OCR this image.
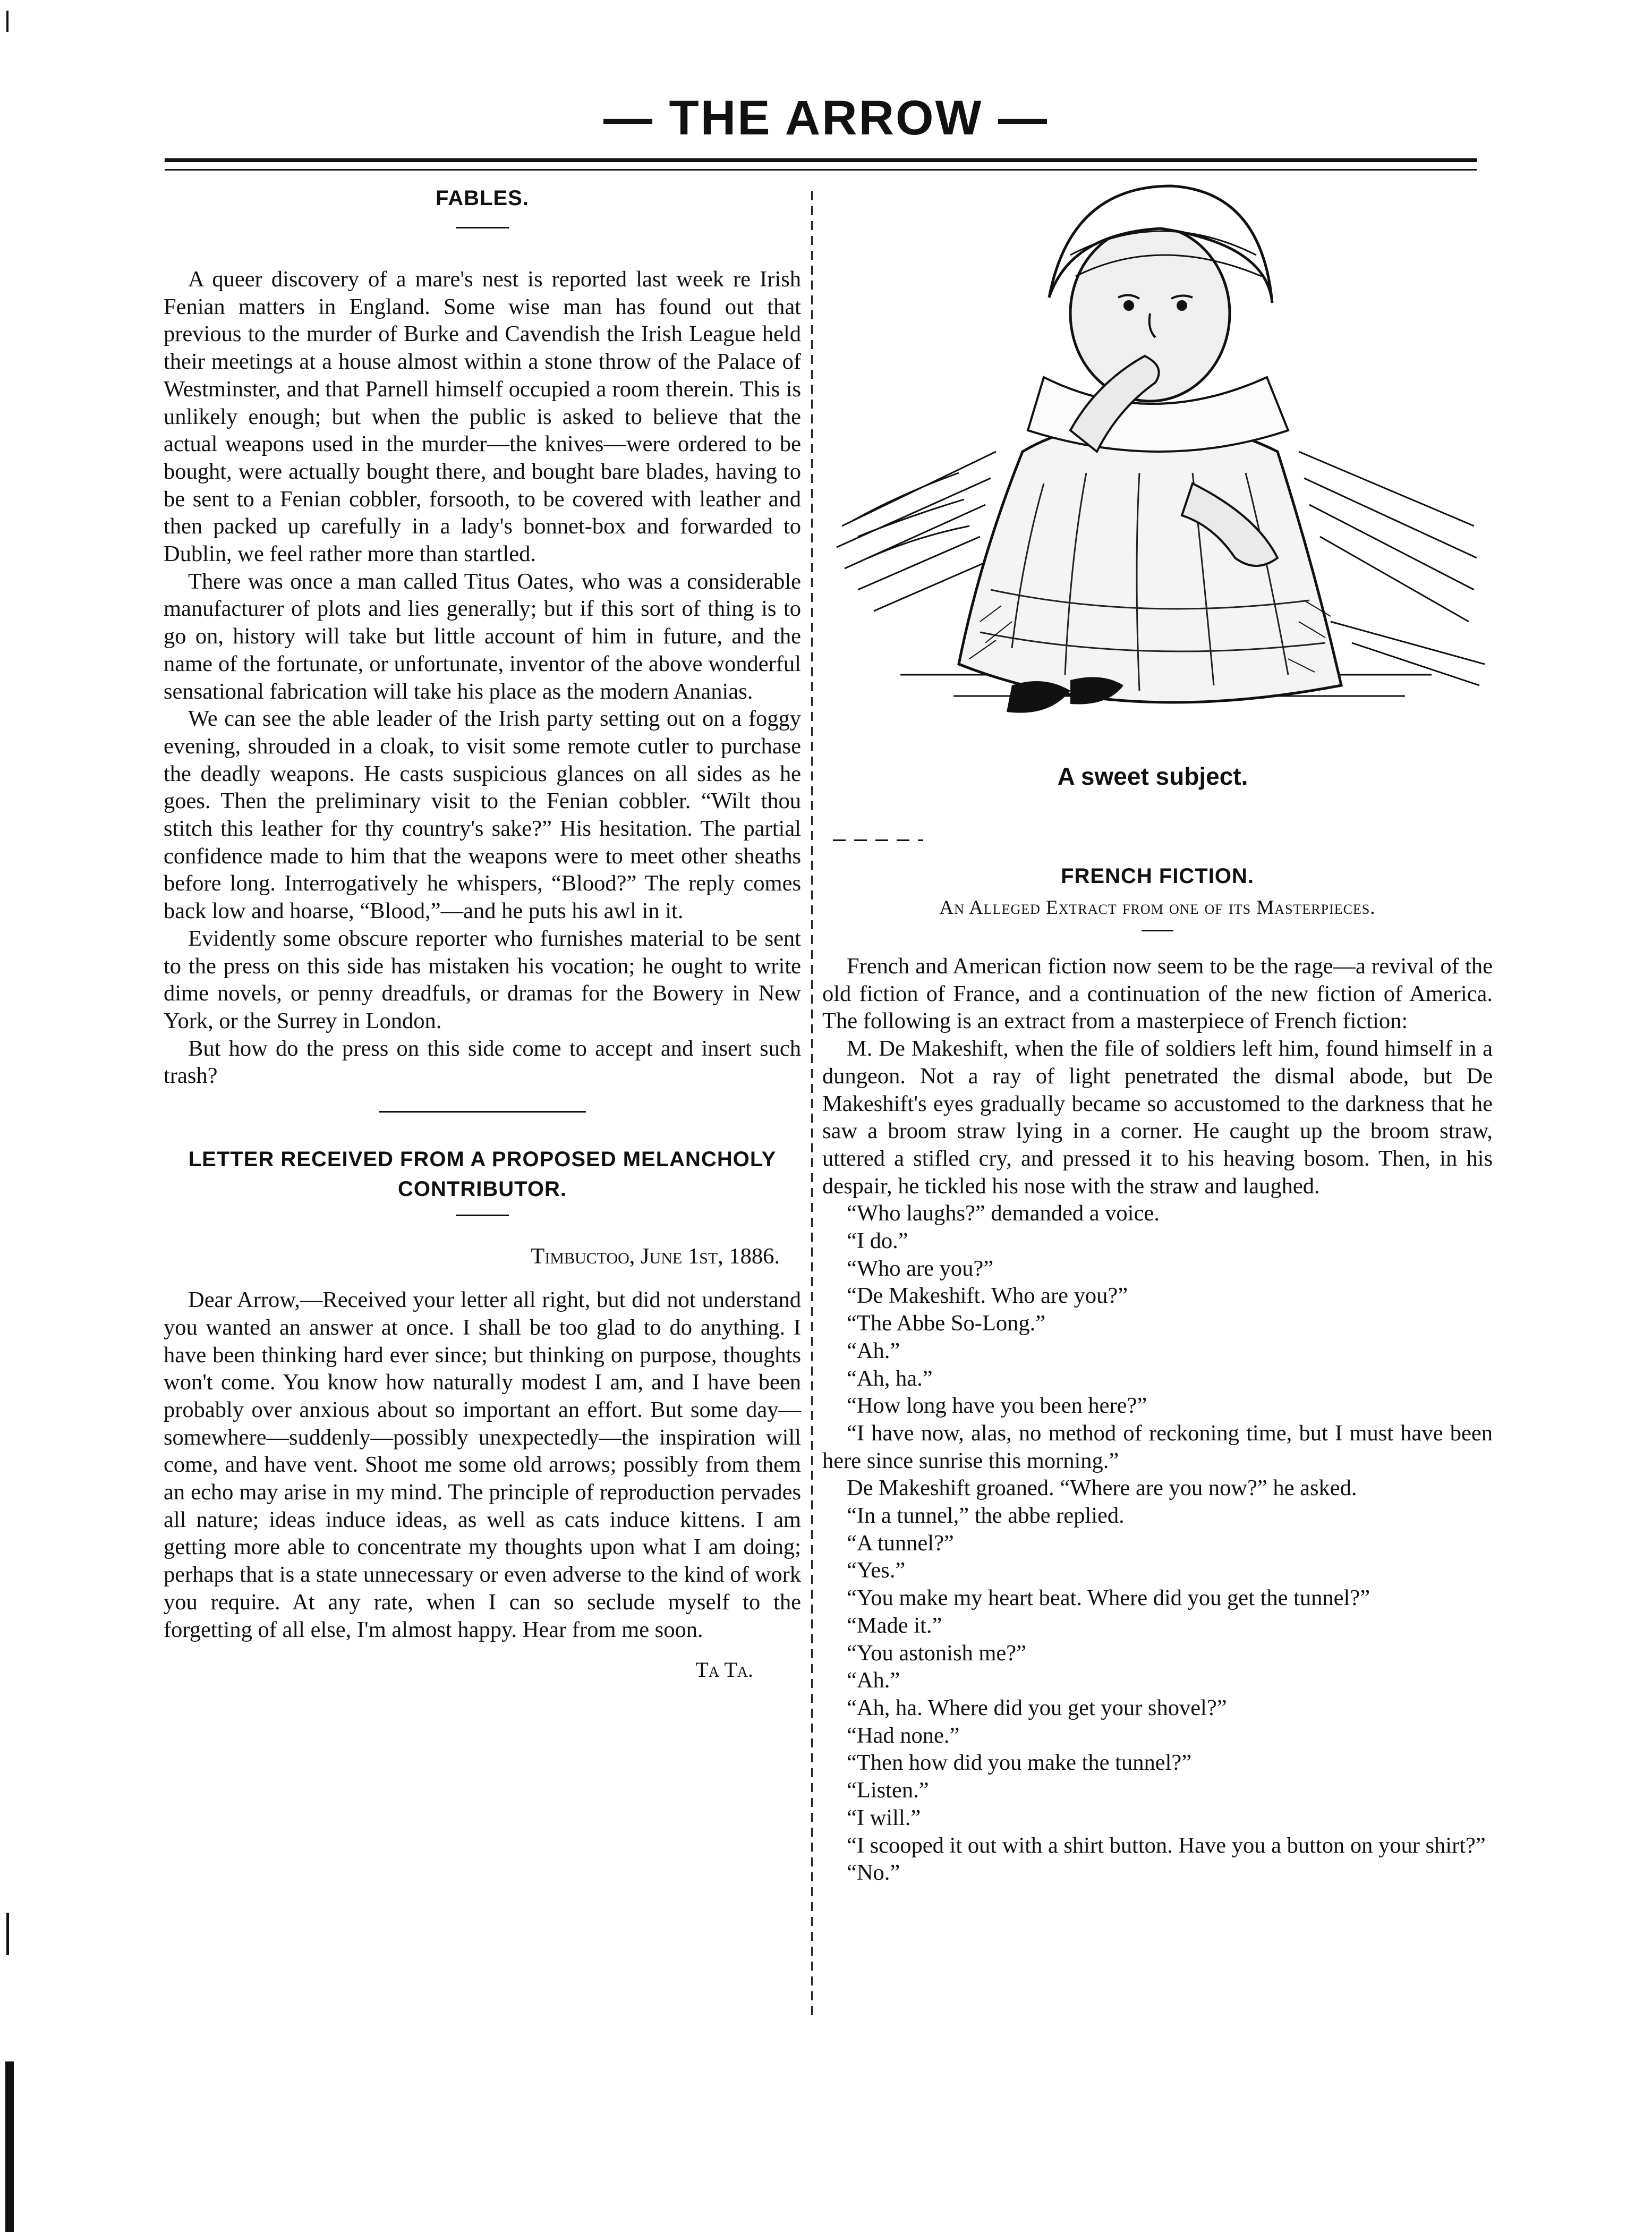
— THE ARROW —
FABLES.

A queer discovery of a mare's nest is reported last week re Irish Fenian matters in England. Some wise man has found out that previous to the murder of Burke and Cavendish the Irish League held their meetings at a house almost within a stone throw of the Palace of Westminster, and that Parnell himself occupied a room therein. This is unlikely enough; but when the public is asked to believe that the actual weapons used in the murder—the knives—were ordered to be bought, were actually bought there, and bought bare blades, having to be sent to a Fenian cobbler, forsooth, to be covered with leather and then packed up carefully in a lady's bonnet-box and forwarded to Dublin, we feel rather more than startled.

There was once a man called Titus Oates, who was a considerable manufacturer of plots and lies generally; but if this sort of thing is to go on, history will take but little account of him in future, and the name of the fortunate, or unfortunate, inventor of the above wonderful sensational fabrication will take his place as the modern Ananias.

We can see the able leader of the Irish party setting out on a foggy evening, shrouded in a cloak, to visit some remote cutler to purchase the deadly weapons. He casts suspicious glances on all sides as he goes. Then the preliminary visit to the Fenian cobbler. “Wilt thou stitch this leather for thy country's sake?” His hesitation. The partial confidence made to him that the weapons were to meet other sheaths before long. Interrogatively he whispers, “Blood?” The reply comes back low and hoarse, “Blood,”—and he puts his awl in it.

Evidently some obscure reporter who furnishes material to be sent to the press on this side has mistaken his vocation; he ought to write dime novels, or penny dreadfuls, or dramas for the Bowery in New York, or the Surrey in London.

But how do the press on this side come to accept and insert such trash?

LETTER RECEIVED FROM A PROPOSED MELANCHOLY CONTRIBUTOR.
Timbuctoo, June 1st, 1886.

Dear Arrow,—Received your letter all right, but did not understand you wanted an answer at once. I shall be too glad to do anything. I have been thinking hard ever since; but thinking on purpose, thoughts won't come. You know how naturally modest I am, and I have been probably over anxious about so important an effort. But some day—somewhere—suddenly—possibly unexpectedly—the inspiration will come, and have vent. Shoot me some old arrows; possibly from them an echo may arise in my mind. The principle of reproduction pervades all nature; ideas induce ideas, as well as cats induce kittens. I am getting more able to concentrate my thoughts upon what I am doing; perhaps that is a state unnecessary or even adverse to the kind of work you require. At any rate, when I can so seclude myself to the forgetting of all else, I'm almost happy. Hear from me soon.

Ta Ta.
A sweet subject.
FRENCH FICTION.
An Alleged Extract from one of its Masterpieces.

French and American fiction now seem to be the rage—a revival of the old fiction of France, and a continuation of the new fiction of America. The following is an extract from a masterpiece of French fiction:

M. De Makeshift, when the file of soldiers left him, found himself in a dungeon. Not a ray of light penetrated the dismal abode, but De Makeshift's eyes gradually became so accustomed to the darkness that he saw a broom straw lying in a corner. He caught up the broom straw, uttered a stifled cry, and pressed it to his heaving bosom. Then, in his despair, he tickled his nose with the straw and laughed.

“Who laughs?” demanded a voice.

“I do.”

“Who are you?”

“De Makeshift. Who are you?”

“The Abbe So-Long.”

“Ah.”

“Ah, ha.”

“How long have you been here?”

“I have now, alas, no method of reckoning time, but I must have been here since sunrise this morning.”

De Makeshift groaned. “Where are you now?” he asked.

“In a tunnel,” the abbe replied.

“A tunnel?”

“Yes.”

“You make my heart beat. Where did you get the tunnel?”

“Made it.”

“You astonish me?”

“Ah.”

“Ah, ha. Where did you get your shovel?”

“Had none.”

“Then how did you make the tunnel?”

“Listen.”

“I will.”

“I scooped it out with a shirt button. Have you a button on your shirt?”

“No.”
